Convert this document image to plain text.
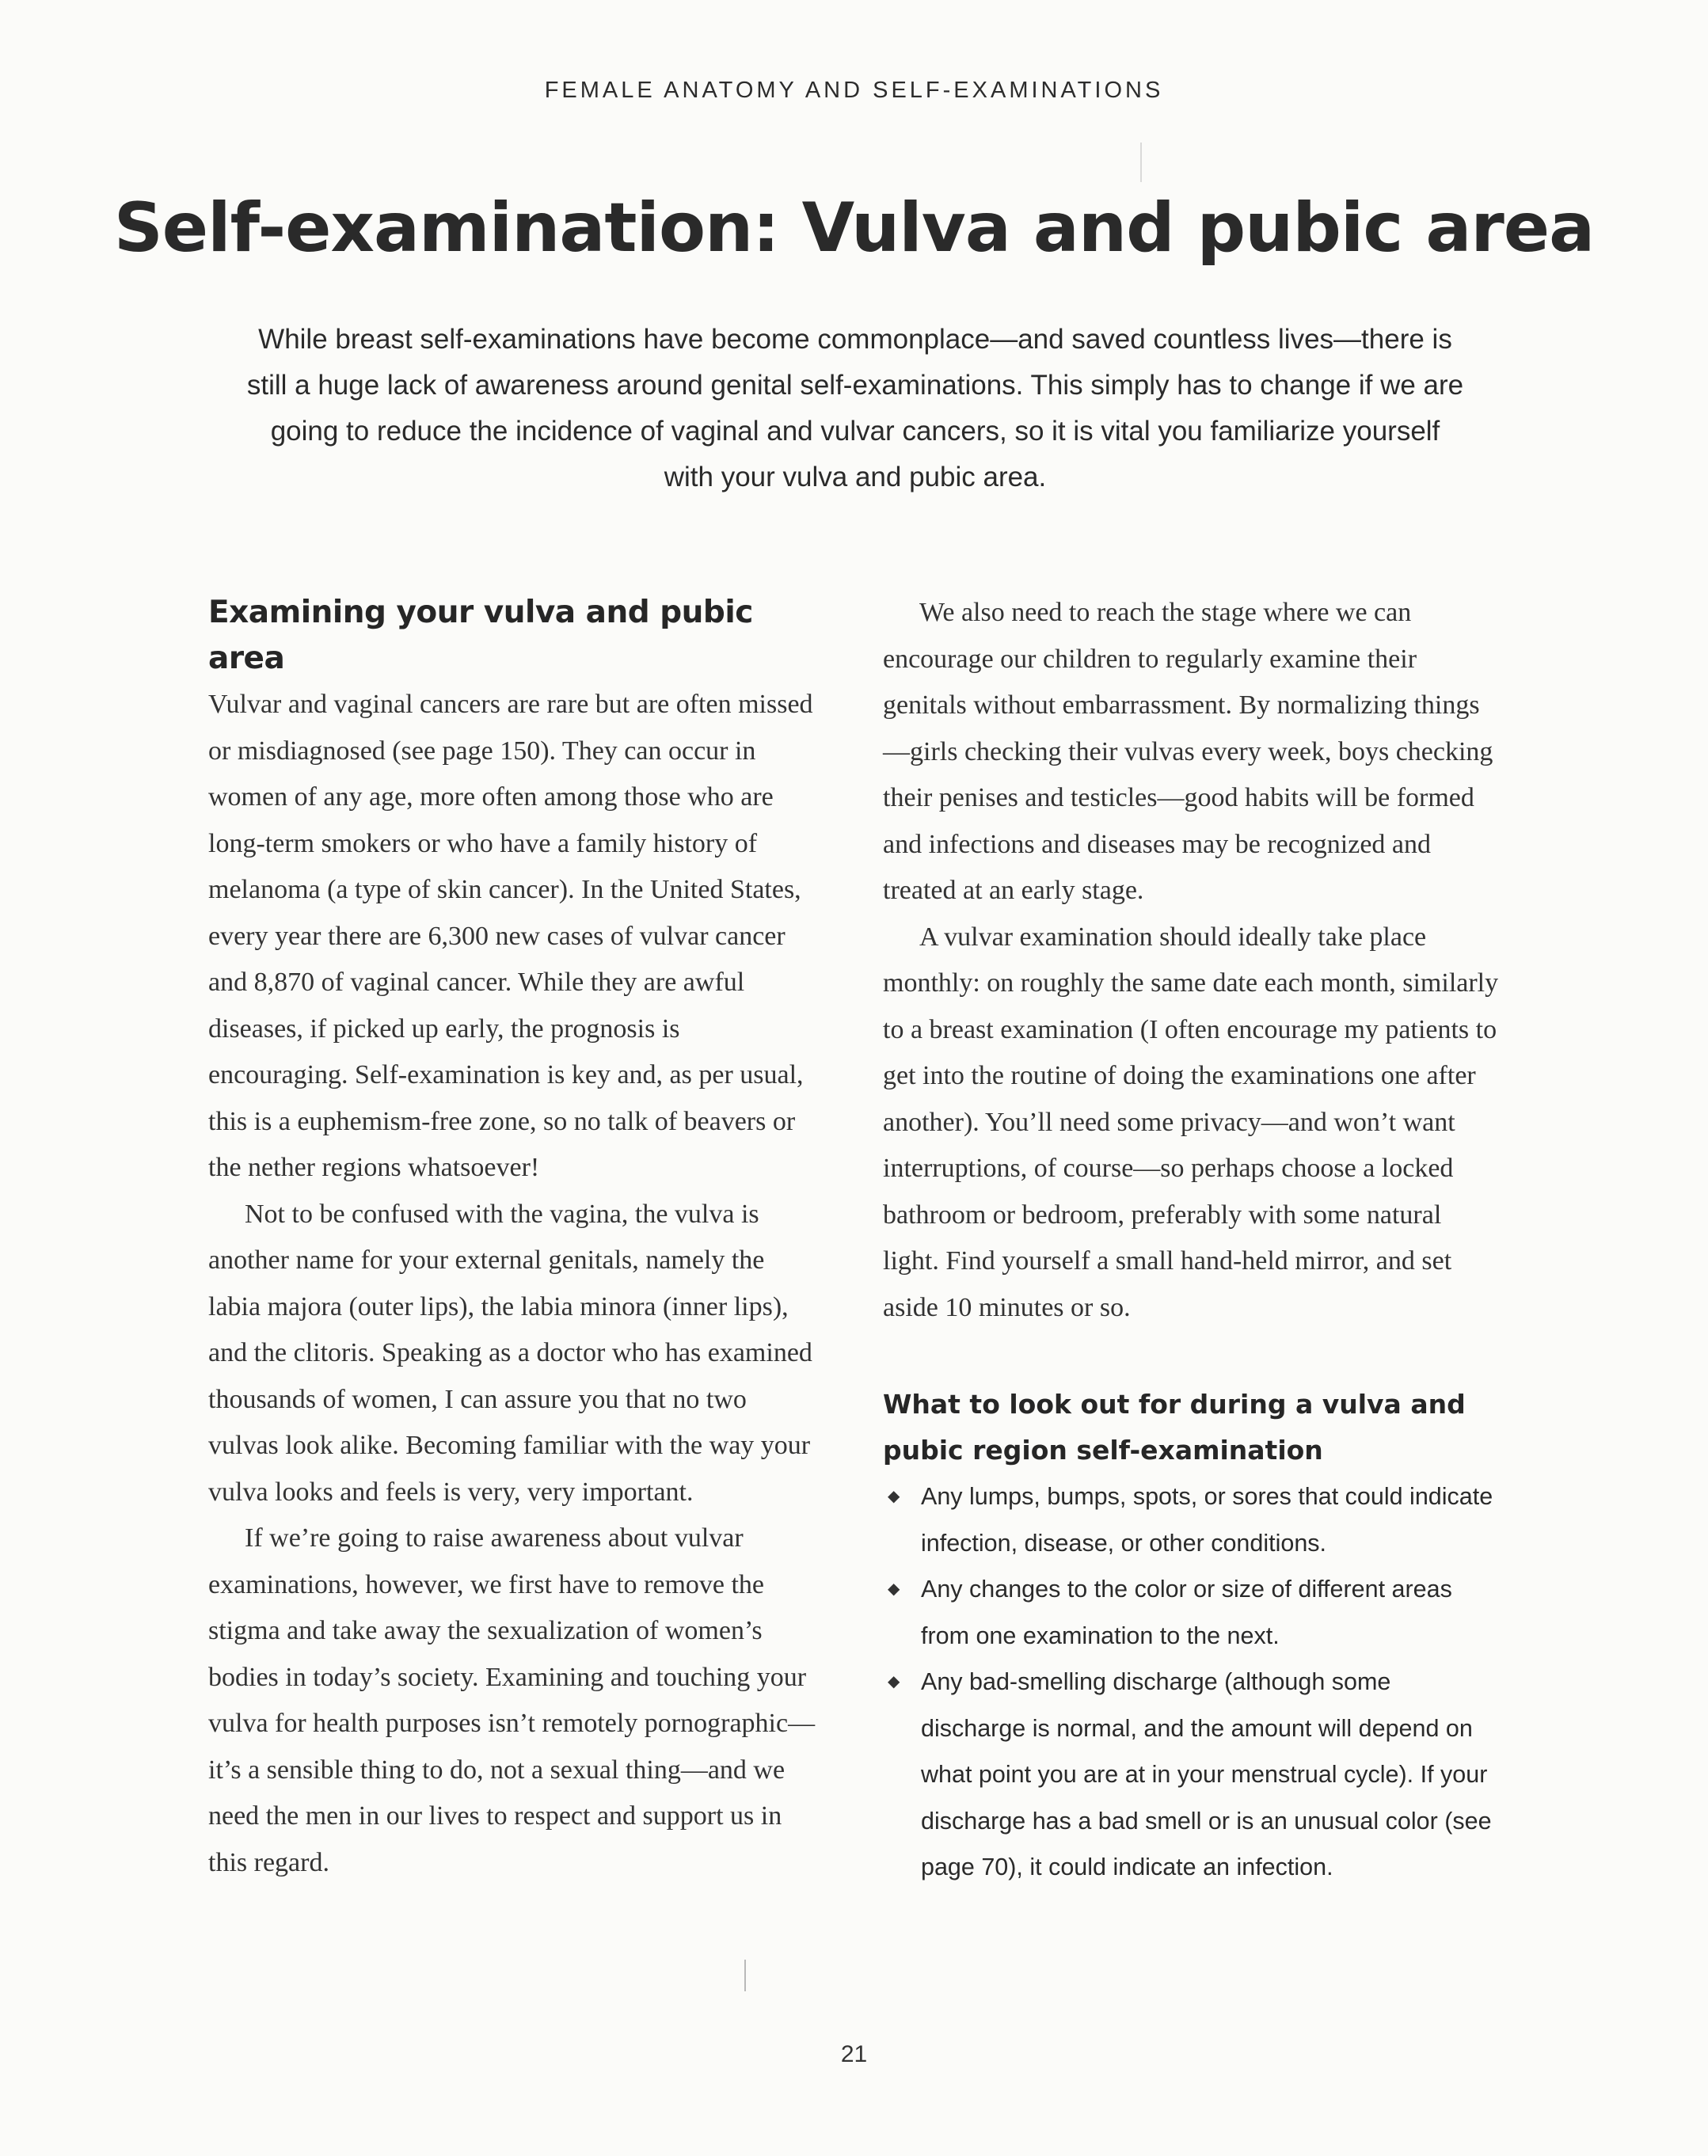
FEMALE ANATOMY AND SELF-EXAMINATIONS
Self-examination: Vulva and pubic area

While breast self-examinations have become commonplace—and saved countless lives—there is still a huge lack of awareness around genital self-examinations. This simply has to change if we are going to reduce the incidence of vaginal and vulvar cancers, so it is vital you familiarize yourself with your vulva and pubic area.

Examining your vulva and pubic area

Vulvar and vaginal cancers are rare but are often missed or misdiagnosed (see page 150). They can occur in women of any age, more often among those who are long-term smokers or who have a family history of melanoma (a type of skin cancer). In the United States, every year there are 6,300 new cases of vulvar cancer and 8,870 of vaginal cancer. While they are awful diseases, if picked up early, the prognosis is encouraging. Self-examination is key and, as per usual, this is a euphemism-free zone, so no talk of beavers or the nether regions whatsoever!

Not to be confused with the vagina, the vulva is another name for your external genitals, namely the labia majora (outer lips), the labia minora (inner lips), and the clitoris. Speaking as a doctor who has examined thousands of women, I can assure you that no two vulvas look alike. Becoming familiar with the way your vulva looks and feels is very, very important.

If we’re going to raise awareness about vulvar examinations, however, we first have to remove the stigma and take away the sexualization of women’s bodies in today’s society. Examining and touching your vulva for health purposes isn’t remotely pornographic—it’s a sensible thing to do, not a sexual thing—and we need the men in our lives to respect and support us in this regard.

We also need to reach the stage where we can encourage our children to regularly examine their genitals without embarrassment. By normalizing things—girls checking their vulvas every week, boys checking their penises and testicles—good habits will be formed and infections and diseases may be recognized and treated at an early stage.

A vulvar examination should ideally take place monthly: on roughly the same date each month, similarly to a breast examination (I often encourage my patients to get into the routine of doing the examinations one after another). You’ll need some privacy—and won’t want interruptions, of course—so perhaps choose a locked bathroom or bedroom, preferably with some natural light. Find yourself a small hand-held mirror, and set aside 10 minutes or so.

What to look out for during a vulva and pubic region self-examination
◆ Any lumps, bumps, spots, or sores that could indicate infection, disease, or other conditions.
◆ Any changes to the color or size of different areas from one examination to the next.
◆ Any bad-smelling discharge (although some discharge is normal, and the amount will depend on what point you are at in your menstrual cycle). If your discharge has a bad smell or is an unusual color (see page 70), it could indicate an infection.
21
